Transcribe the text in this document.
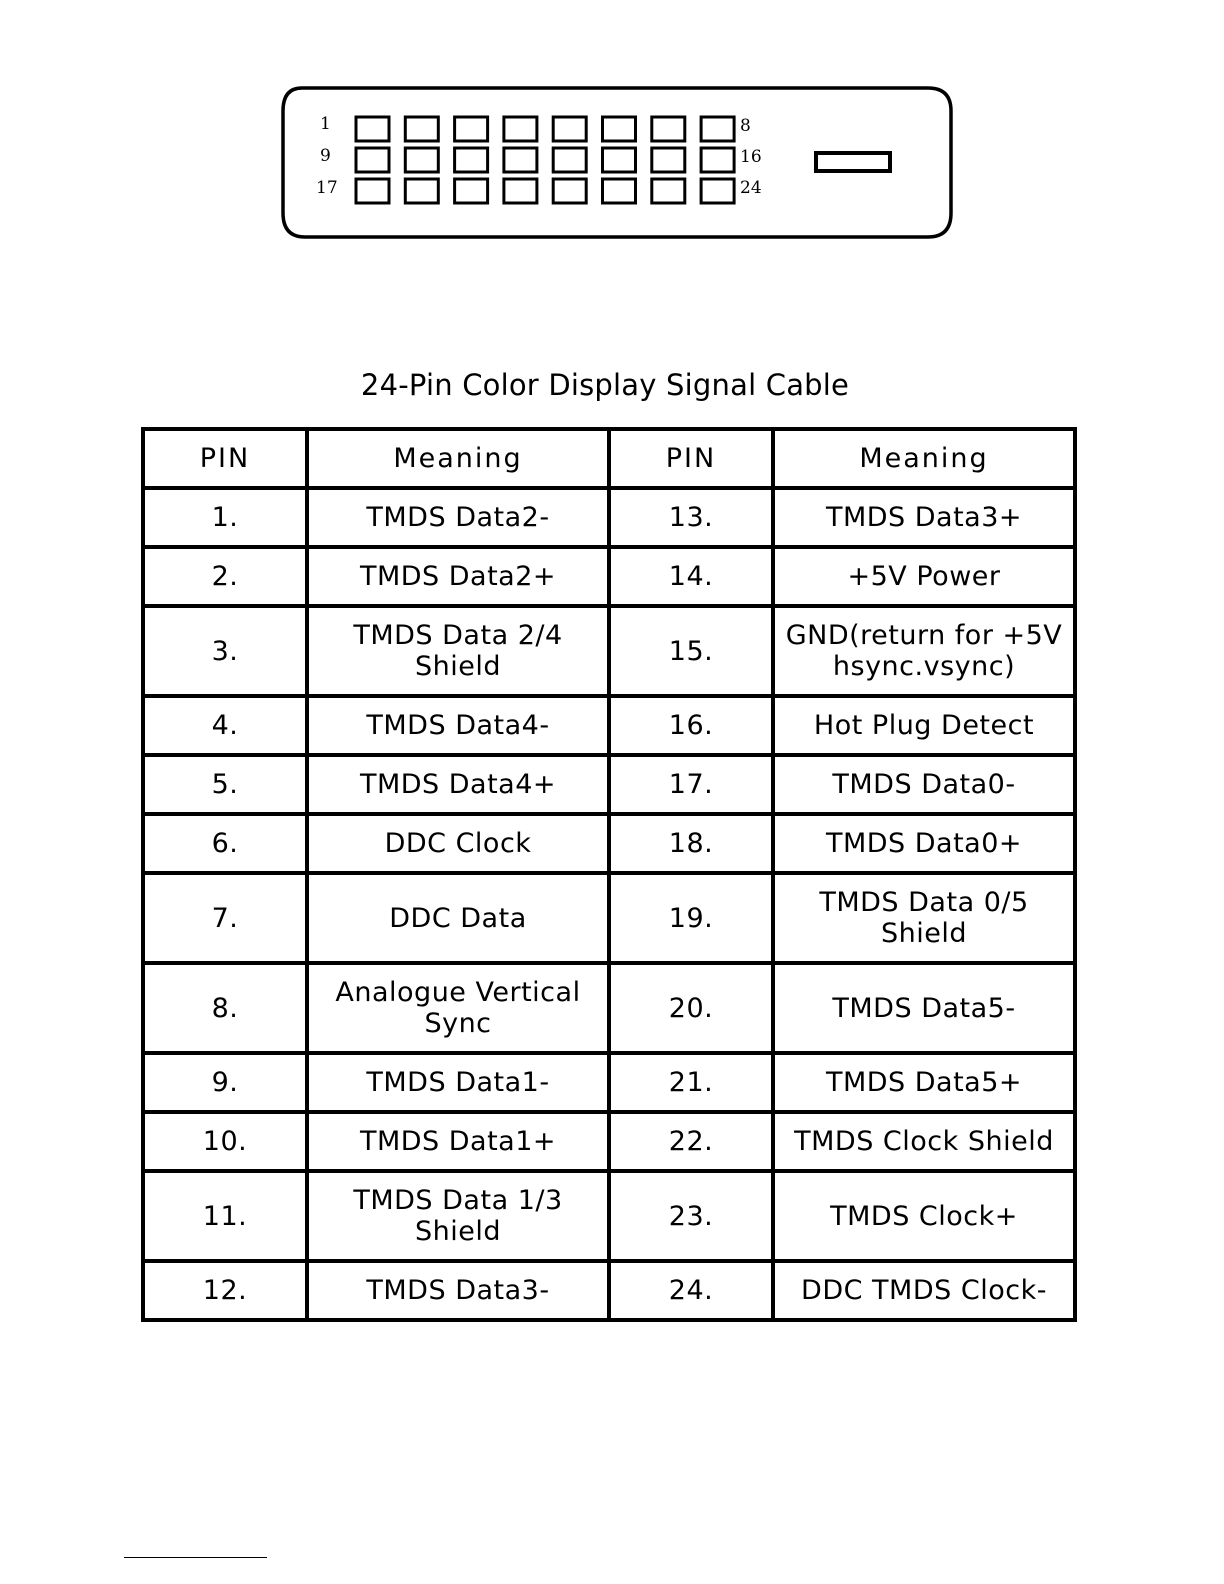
1
9
17
8
16
24
24-Pin Color Display Signal Cable
PIN	Meaning	PIN	Meaning
1.	TMDS Data2-	13.	TMDS Data3+
2.	TMDS Data2+	14.	+5V Power
3.	TMDS Data 2/4 Shield	15.	GND(return for +5V hsync.vsync)
4.	TMDS Data4-	16.	Hot Plug Detect
5.	TMDS Data4+	17.	TMDS Data0-
6.	DDC Clock	18.	TMDS Data0+
7.	DDC Data	19.	TMDS Data 0/5 Shield
8.	Analogue Vertical Sync	20.	TMDS Data5-
9.	TMDS Data1-	21.	TMDS Data5+
10.	TMDS Data1+	22.	TMDS Clock Shield
11.	TMDS Data 1/3 Shield	23.	TMDS Clock+
12.	TMDS Data3-	24.	DDC TMDS Clock-
